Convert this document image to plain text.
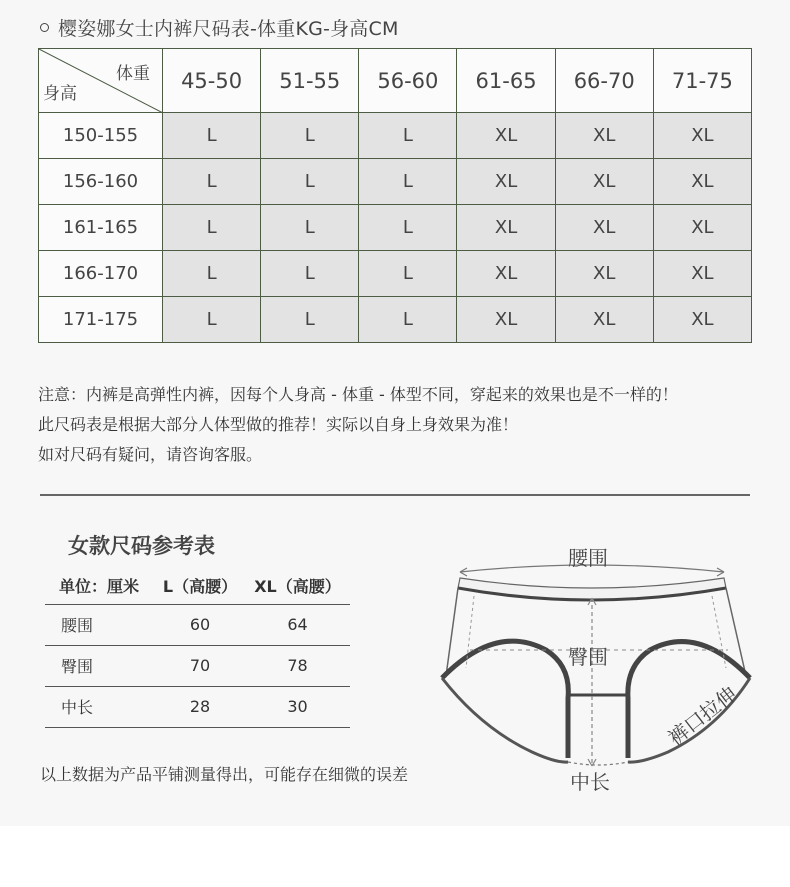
樱姿娜女士内裤尺码表-体重KG-身高CM
体重
身高	45-50	51-55	56-60	61-65	66-70	71-75
150-155	L	L	L	XL	XL	XL
156-160	L	L	L	XL	XL	XL
161-165	L	L	L	XL	XL	XL
166-170	L	L	L	XL	XL	XL
171-175	L	L	L	XL	XL	XL
注意：内裤是高弹性内裤，因每个人身高 - 体重 - 体型不同，穿起来的效果也是不一样的！
此尺码表是根据大部分人体型做的推荐！实际以自身上身效果为准！
如对尺码有疑问，请咨询客服。
女款尺码参考表
单位：厘米	L（高腰）	XL（高腰）
腰围	60	64
臀围	70	78
中长	28	30
以上数据为产品平铺测量得出，可能存在细微的误差
腰围
臀围
中长
裤口拉伸
